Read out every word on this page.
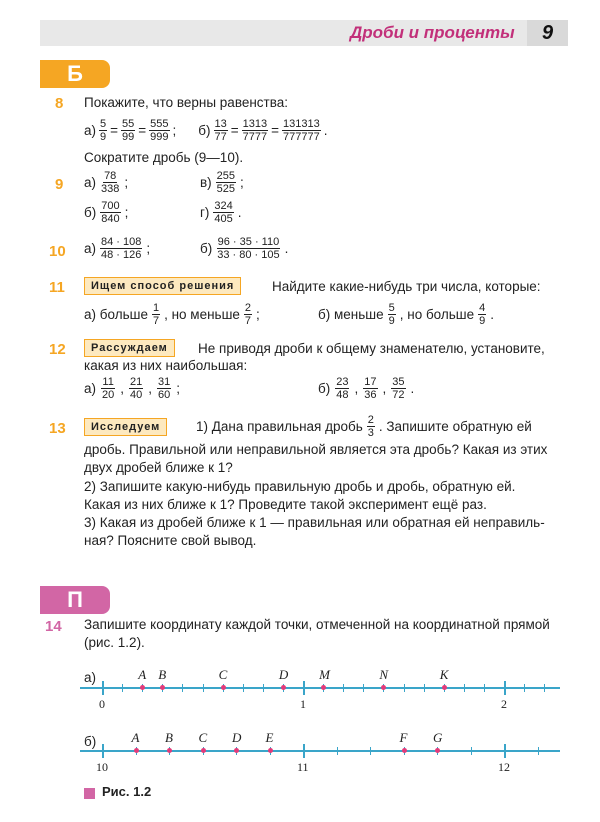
Дроби и проценты	9
Б
8 Покажите, что верны равенства:
$а) \frac{5}{9} = \frac{55}{99} = \frac{555}{999}$ ; $б) \frac{13}{77} = \frac{1313}{7777} = \frac{131313}{777777}$ .
Сократите дробь (9—10).
9 $а) \frac{78}{338}$ ;	$в) \frac{255}{525}$ ;
$б) \frac{700}{840}$ ;	$г) \frac{324}{405}$ .
10 $а) \frac{84 \cdot 108}{48 \cdot 126}$ ;	$б) \frac{96 \cdot 35 \cdot 110}{33 \cdot 80 \cdot 105}$ .
11	Ищем способ решения	Найдите какие-нибудь три числа, которые:
а) больше $\frac{1}{7}$ , но меньше $\frac{2}{7}$ ;	б) меньше $\frac{5}{9}$ , но больше $\frac{4}{9}$ .
12	Рассуждаем	Не приводя дроби к общему знаменателю, установите,
какая из них наибольшая:
$а) \frac{11}{20}$ , $\frac{21}{40}$ , $\frac{31}{60}$ ;	$б) \frac{23}{48}$ , $\frac{17}{36}$ , $\frac{35}{72}$ .
13	Исследуем	1) Дана правильная дробь $\frac{2}{3}$ . Запишите обратную ей
дробь. Правильной или неправильной является эта дробь? Какая из этих
двух дробей ближе к 1?
2) Запишите какую-нибудь правильную дробь и дробь, обратную ей.
Какая из них ближе к 1? Проведите такой эксперимент ещё раз.
3) Какая из дробей ближе к 1 — правильная или обратная ей неправиль-
ная? Поясните свой вывод.
П
14 Запишите координату каждой точки, отмеченной на координатной прямой
(рис. 1.2).
а)
0	1	2
A B	C	D M	N	K
б)
10	11	12
A B C D E	F G
Рис. 1.2
